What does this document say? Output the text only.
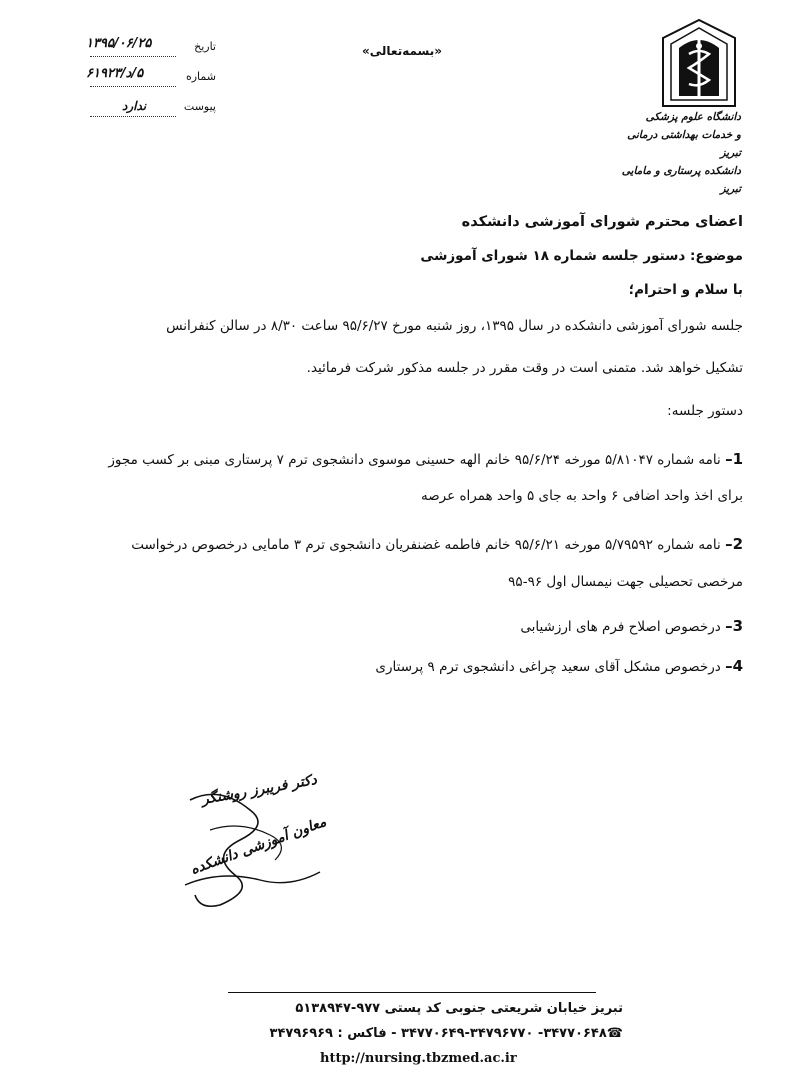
دانشگاه علوم پزشکی
و خدمات بهداشتی درمانی تبریز
دانشکده پرستاری و مامایی تبریز
«بسمه‌تعالی»
تاریخ
۱۳۹۵/۰۶/۲۵
شماره
۵/د/۶۱۹۲۳
پیوست
ندارد
اعضای محترم شورای آموزشی دانشکده
موضوع: دستور جلسه شماره ۱۸ شورای آموزشی
با سلام و احترام؛
جلسه شورای آموزشی دانشکده در سال ۱۳۹۵، روز شنبه مورخ ۹۵/۶/۲۷ ساعت ۸/۳۰ در سالن کنفرانس
تشکیل خواهد شد. متمنی است در وقت مقرر در جلسه مذکور شرکت فرمائید.
دستور جلسه:
1– نامه شماره ۵/۸۱۰۴۷ مورخه ۹۵/۶/۲۴ خانم الهه حسینی موسوی دانشجوی ترم ۷ پرستاری مبنی بر کسب مجوز
برای اخذ واحد اضافی ۶ واحد به جای ۵ واحد همراه عرصه
2– نامه شماره ۵/۷۹۵۹۲ مورخه ۹۵/۶/۲۱ خانم فاطمه غضنفریان دانشجوی ترم ۳ مامایی درخصوص درخواست
مرخصی تحصیلی جهت نیمسال اول ۹۶-۹۵
3– درخصوص اصلاح فرم های ارزشیابی
4– درخصوص مشکل آقای سعید چراغی دانشجوی ترم ۹ پرستاری
دکتر فریبرز روشنگر
معاون آموزشی دانشکده
تبریز خیابان شریعتی جنوبی کد پستی ۹۷۷-۵۱۳۸۹۴۷
☎۳۴۷۷۰۶۴۸- ۳۴۷۷۰۶۴۹-۳۴۷۹۶۷۷۰ - فاکس : ۳۴۷۹۶۹۶۹
http://nursing.tbzmed.ac.ir
